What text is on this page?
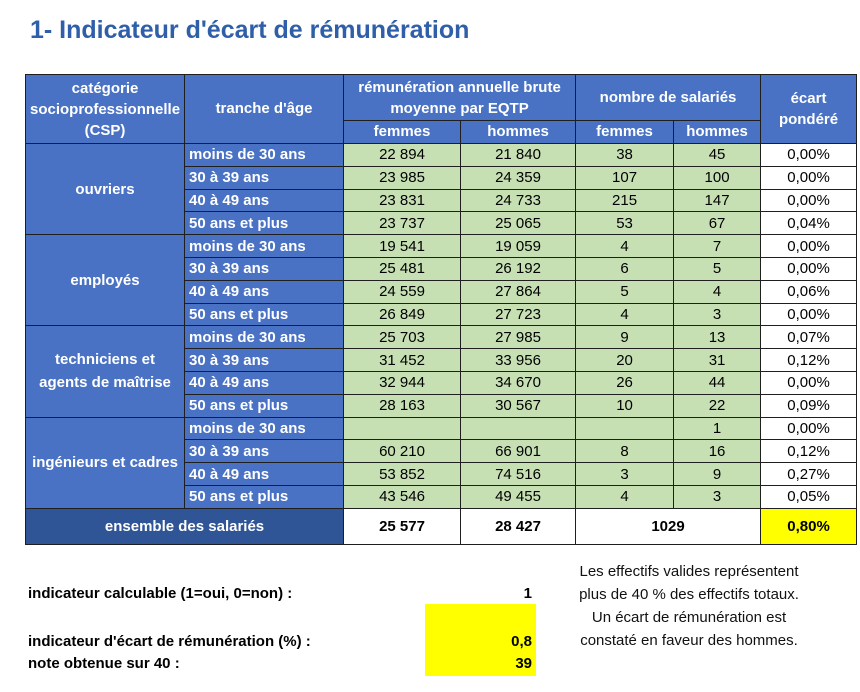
1- Indicateur d'écart de rémunération
catégorie socioprofessionnelle (CSP)	tranche d'âge	rémunération annuelle brute moyenne par EQTP		nombre de salariés		écart pondéré
		femmes	hommes	femmes	hommes	
ouvriers	moins de 30 ans	22 894	21 840	38	45	0,00%
	30 à 39 ans	23 985	24 359	107	100	0,00%
	40 à 49 ans	23 831	24 733	215	147	0,00%
	50 ans et plus	23 737	25 065	53	67	0,04%
employés	moins de 30 ans	19 541	19 059	4	7	0,00%
	30 à 39 ans	25 481	26 192	6	5	0,00%
	40 à 49 ans	24 559	27 864	5	4	0,06%
	50 ans et plus	26 849	27 723	4	3	0,00%
techniciens et agents de maîtrise	moins de 30 ans	25 703	27 985	9	13	0,07%
	30 à 39 ans	31 452	33 956	20	31	0,12%
	40 à 49 ans	32 944	34 670	26	44	0,00%
	50 ans et plus	28 163	30 567	10	22	0,09%
ingénieurs et cadres	moins de 30 ans				1	0,00%
	30 à 39 ans	60 210	66 901	8	16	0,12%
	40 à 49 ans	53 852	74 516	3	9	0,27%
	50 ans et plus	43 546	49 455	4	3	0,05%
ensemble des salariés		25 577	28 427	1029		0,80%
indicateur calculable (1=oui, 0=non) :	1
indicateur d'écart de rémunération (%) :	0,8
note obtenue sur 40 :	39
Les effectifs valides représentent
plus de 40 % des effectifs totaux.
Un écart de rémunération est
constaté en faveur des hommes.
